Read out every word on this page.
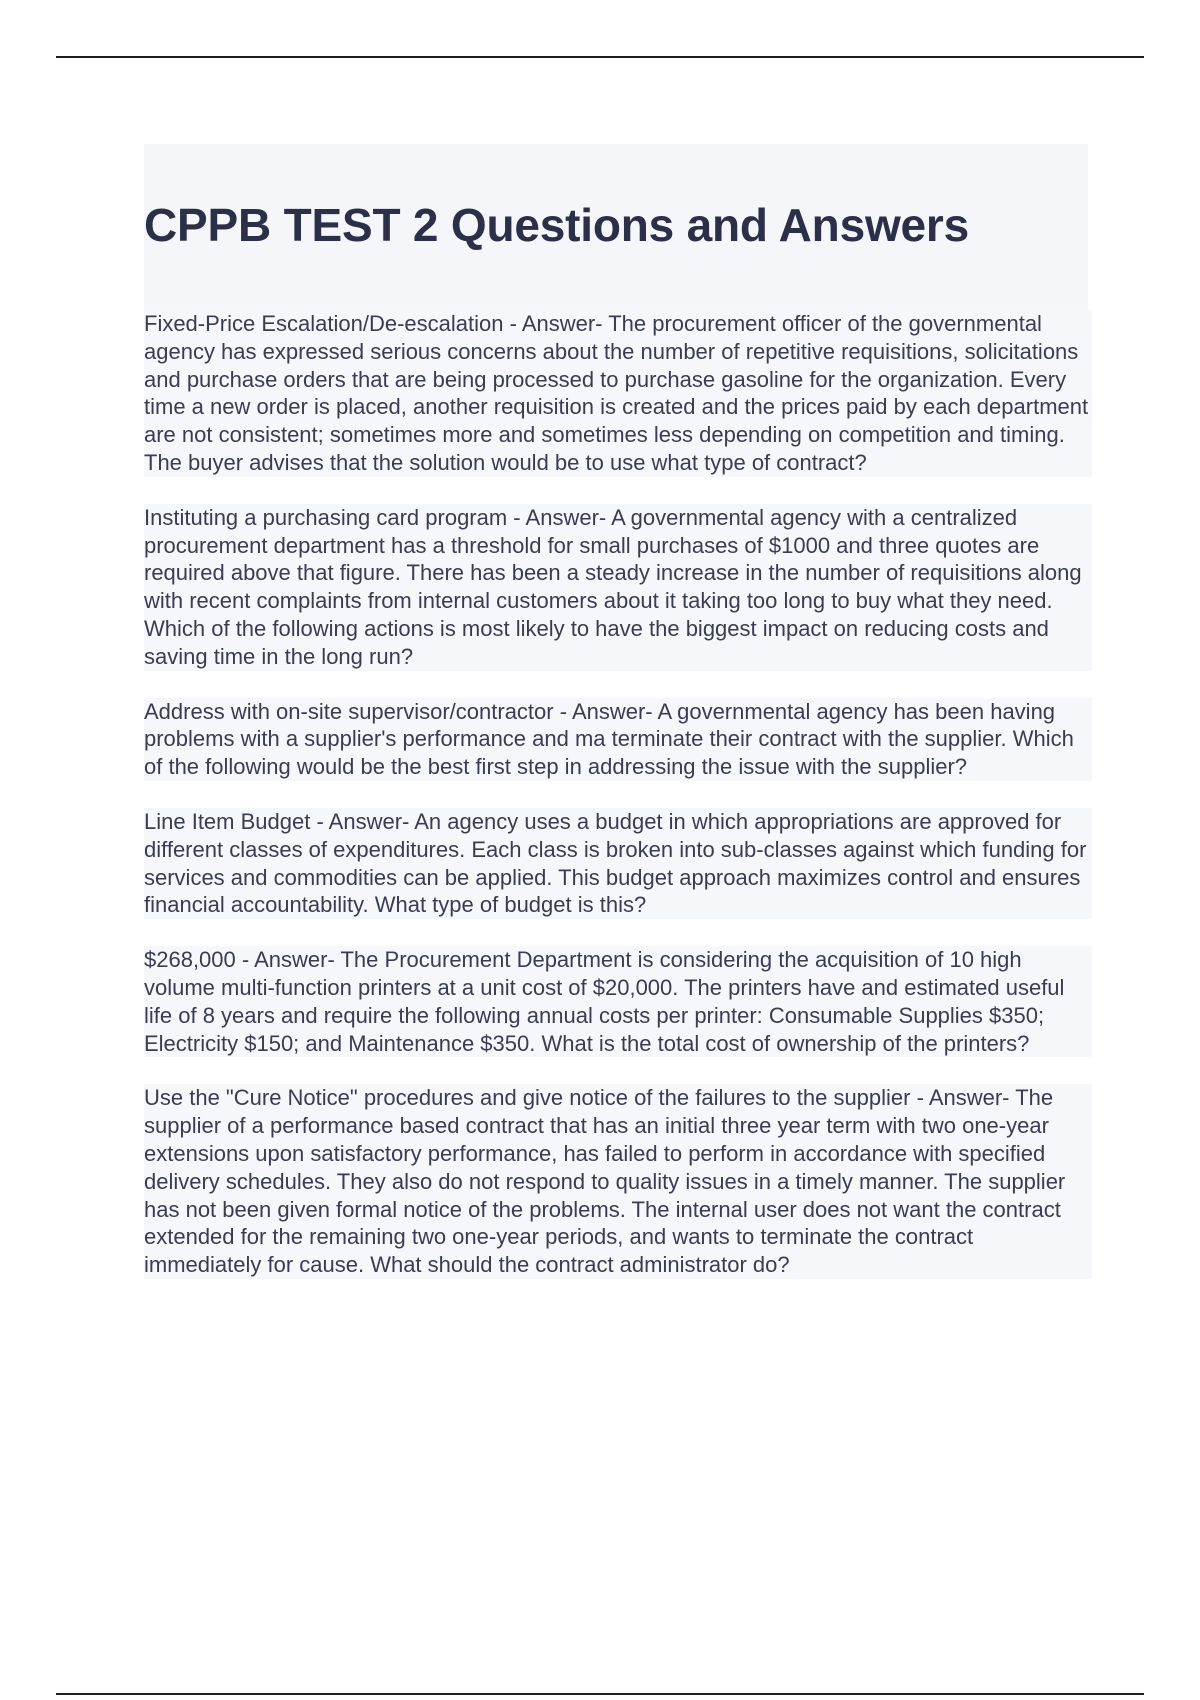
CPPB TEST 2 Questions and Answers

Fixed-Price Escalation/De-escalation - Answer- The procurement officer of the governmental agency has expressed serious concerns about the number of repetitive requisitions, solicitations and purchase orders that are being processed to purchase gasoline for the organization. Every time a new order is placed, another requisition is created and the prices paid by each department are not consistent; sometimes more and sometimes less depending on competition and timing. The buyer advises that the solution would be to use what type of contract?

Instituting a purchasing card program - Answer- A governmental agency with a centralized procurement department has a threshold for small purchases of $1000 and three quotes are required above that figure. There has been a steady increase in the number of requisitions along with recent complaints from internal customers about it taking too long to buy what they need. Which of the following actions is most likely to have the biggest impact on reducing costs and saving time in the long run?

Address with on-site supervisor/contractor - Answer- A governmental agency has been having problems with a supplier's performance and ma terminate their contract with the supplier. Which of the following would be the best first step in addressing the issue with the supplier?

Line Item Budget - Answer- An agency uses a budget in which appropriations are approved for different classes of expenditures. Each class is broken into sub-classes against which funding for services and commodities can be applied. This budget approach maximizes control and ensures financial accountability. What type of budget is this?

$268,000 - Answer- The Procurement Department is considering the acquisition of 10 high volume multi-function printers at a unit cost of $20,000. The printers have and estimated useful life of 8 years and require the following annual costs per printer: Consumable Supplies $350; Electricity $150; and Maintenance $350. What is the total cost of ownership of the printers?

Use the "Cure Notice" procedures and give notice of the failures to the supplier - Answer- The supplier of a performance based contract that has an initial three year term with two one-year extensions upon satisfactory performance, has failed to perform in accordance with specified delivery schedules. They also do not respond to quality issues in a timely manner. The supplier has not been given formal notice of the problems. The internal user does not want the contract extended for the remaining two one-year periods, and wants to terminate the contract immediately for cause. What should the contract administrator do?
